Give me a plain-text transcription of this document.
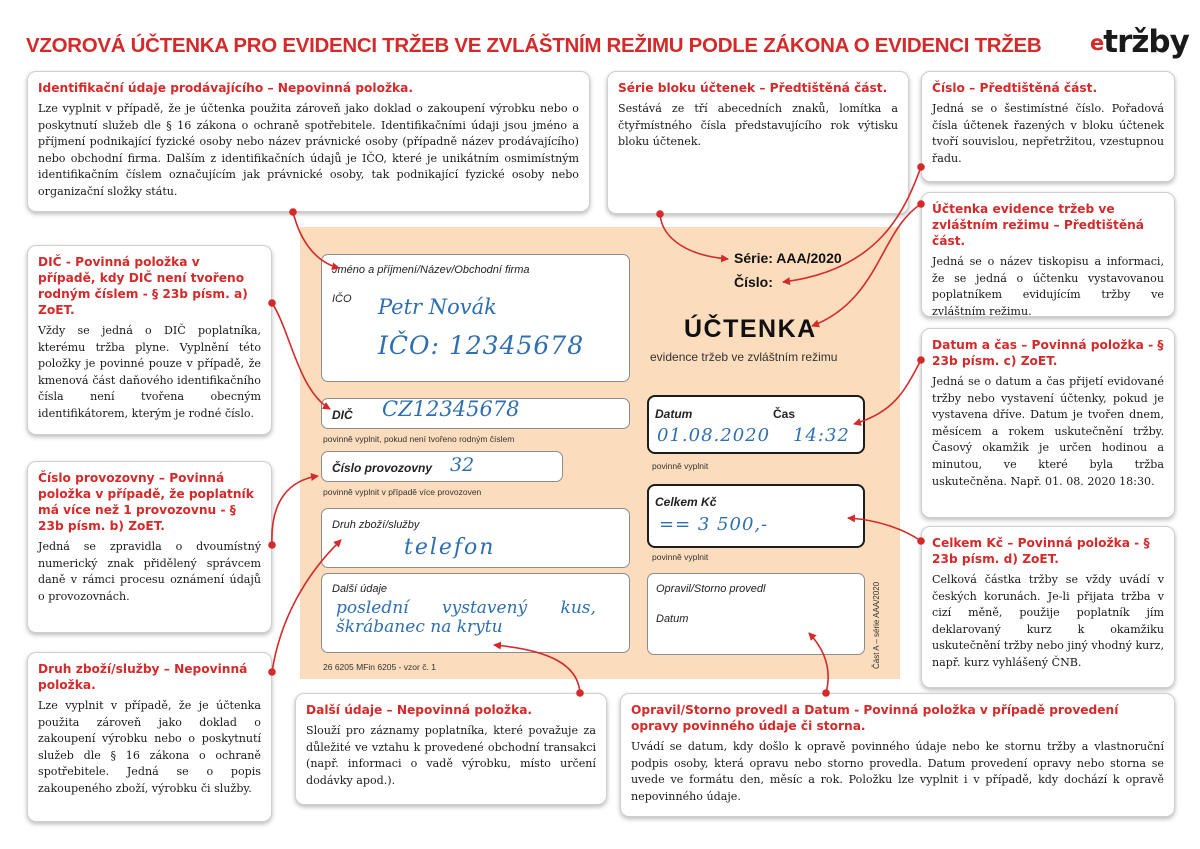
VZOROVÁ ÚČTENKA PRO EVIDENCI TRŽEB VE ZVLÁŠTNÍM REŽIMU PODLE ZÁKONA O EVIDENCI TRŽEB etržby
Jméno a příjmení/Název/Obchodní firma
IČO Petr Novák
IČO: 12345678
DIČ CZ12345678
povinně vyplnit, pokud není tvořeno rodným číslem
Číslo provozovny 32
povinně vyplnit v případě více provozoven
Druh zboží/služby
telefon
Další údaje
poslední vystavený kus,
škrábanec na krytu
26 6205 MFin 6205 - vzor č. 1
Série: AAA/2020
Číslo:
ÚČTENKA
evidence tržeb ve zvláštním režimu
Datum	Čas
01.08.2020 14:32
povinně vyplnit
Celkem Kč
== 3 500,-
povinně vyplnit
Opravil/Storno provedl
Datum	Část A – série AAA/2020
Identifikační údaje prodávajícího – Nepovinná položka.
Lze vyplnit v případě, že je účtenka použita zároveň jako doklad o zakoupení výrobku nebo o poskytnutí služeb dle § 16 zákona o ochraně spotřebitele. Identifikačními údaji jsou jméno a příjmení podnikající fyzické osoby nebo název právnické osoby (případně název prodávajícího) nebo obchodní firma. Dalším z identifikačních údajů je IČO, které je unikátním osmimístným identifikačním číslem označujícím jak právnické osoby, tak podnikající fyzické osoby nebo organizační složky státu.
Série bloku účtenek – Předtištěná část.
Sestává ze tří abecedních znaků, lomítka a čtyřmístného čísla představujícího rok výtisku bloku účtenek.
Číslo – Předtištěná část.
Jedná se o šestimístné číslo. Pořadová čísla účtenek řazených v bloku účtenek tvoří souvislou, nepřetržitou, vzestupnou řadu.
Účtenka evidence tržeb ve zvláštním režimu – Předtištěná část.
Jedná se o název tiskopisu a informaci, že se jedná o účtenku vystavovanou poplatníkem evidujícím tržby ve zvláštním režimu.
DIČ - Povinná položka v případě, kdy DIČ není tvořeno rodným číslem - § 23b písm. a) ZoET.
Vždy se jedná o DIČ poplatníka, kterému tržba plyne. Vyplnění této položky je povinné pouze v případě, že kmenová část daňového identifikačního čísla není tvořena obecným identifikátorem, kterým je rodné číslo.
Datum a čas – Povinná položka - § 23b písm. c) ZoET.
Jedná se o datum a čas přijetí evidované tržby nebo vystavení účtenky, pokud je vystavena dříve. Datum je tvořen dnem, měsícem a rokem uskutečnění tržby. Časový okamžik je určen hodinou a minutou, ve které byla tržba uskutečněna. Např. 01. 08. 2020 18:30.
Číslo provozovny – Povinná položka v případě, že poplatník má více než 1 provozovnu - § 23b písm. b) ZoET.
Jedná se zpravidla o dvoumístný numerický znak přidělený správcem daně v rámci procesu oznámení údajů o provozovnách.
Celkem Kč – Povinná položka - § 23b písm. d) ZoET.
Celková částka tržby se vždy uvádí v českých korunách. Je-li přijata tržba v cizí měně, použije poplatník jím deklarovaný kurz k okamžiku uskutečnění tržby nebo jiný vhodný kurz, např. kurz vyhlášený ČNB.
Druh zboží/služby – Nepovinná položka.
Lze vyplnit v případě, že je účtenka použita zároveň jako doklad o zakoupení výrobku nebo o poskytnutí služeb dle § 16 zákona o ochraně spotřebitele. Jedná se o popis zakoupeného zboží, výrobku či služby.
Další údaje – Nepovinná položka.
Slouží pro záznamy poplatníka, které považuje za důležité ve vztahu k provedené obchodní transakci (např. informaci o vadě výrobku, místo určení dodávky apod.).
Opravil/Storno provedl a Datum - Povinná položka v případě provedení opravy povinného údaje či storna.
Uvádí se datum, kdy došlo k opravě povinného údaje nebo ke stornu tržby a vlastnoruční podpis osoby, která opravu nebo storno provedla. Datum provedení opravy nebo storna se uvede ve formátu den, měsíc a rok. Položku lze vyplnit i v případě, kdy dochází k opravě nepovinného údaje.
